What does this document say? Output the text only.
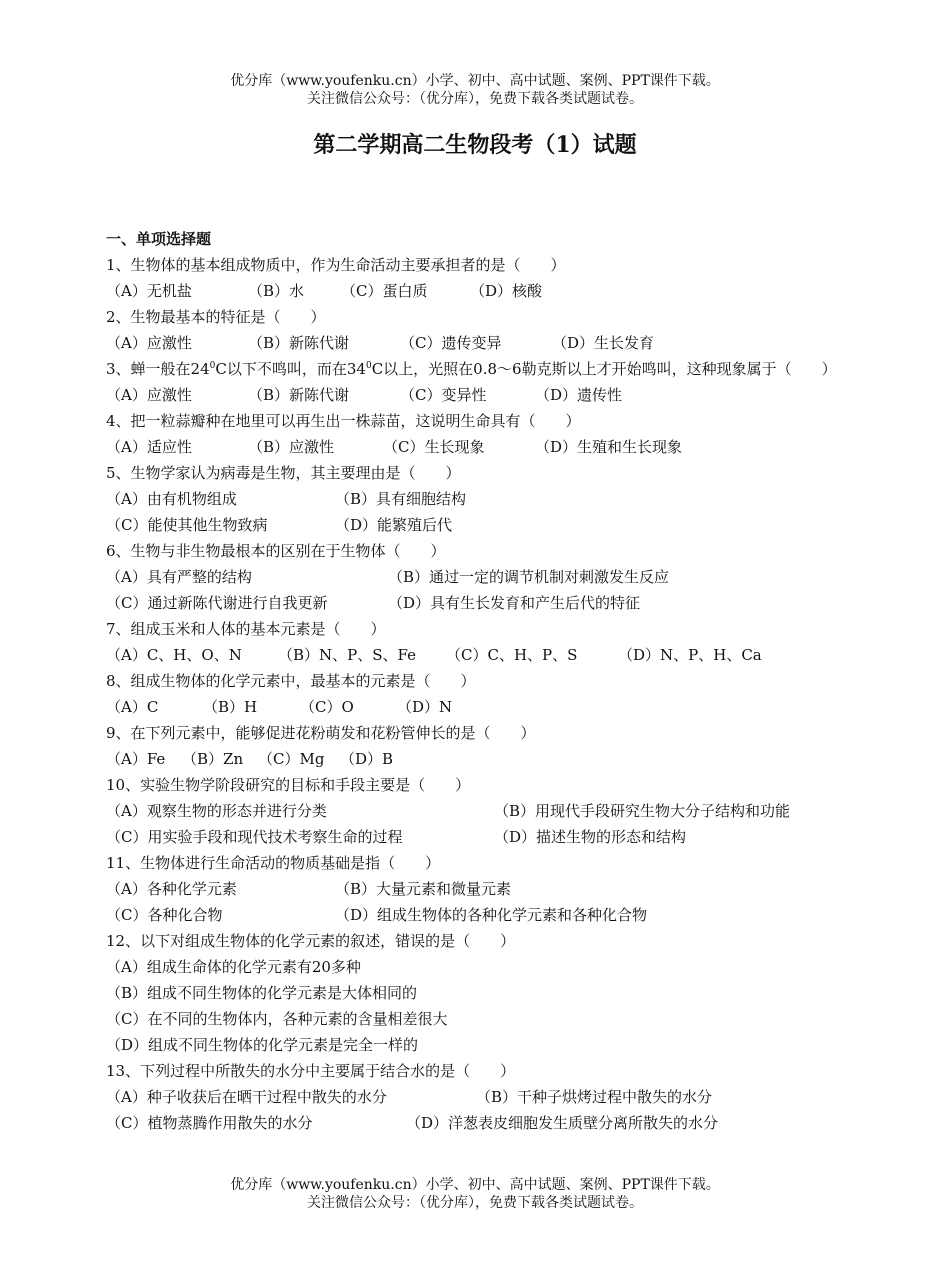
优分库（www.youfenku.cn）小学、初中、高中试题、案例、PPT课件下载。
关注微信公众号：（优分库），免费下载各类试题试卷。
第二学期高二生物段考（1）试题
一、单项选择题
1、生物体的基本组成物质中，作为生命活动主要承担者的是（　　）
（A）无机盐	（B）水 （C）蛋白质	（D）核酸
2、生物最基本的特征是（　　）
（A）应激性	（B）新陈代谢	（C）遗传变异	（D）生长发育
3、蝉一般在$24^0C$以下不鸣叫，而在$34^0C$以上，光照在0.8～6勒克斯以上才开始鸣叫，这种现象属于（　　）
（A）应激性	（B）新陈代谢	（C）变异性	（D）遗传性
4、把一粒蒜瓣种在地里可以再生出一株蒜苗，这说明生命具有（　　）
（A）适应性	（B）应激性	（C）生长现象	（D）生殖和生长现象
5、生物学家认为病毒是生物，其主要理由是（　　）
（A）由有机物组成	（B）具有细胞结构
（C）能使其他生物致病	（D）能繁殖后代
6、生物与非生物最根本的区别在于生物体（　　）
（A）具有严整的结构	（B）通过一定的调节机制对刺激发生反应
（C）通过新陈代谢进行自我更新	（D）具有生长发育和产生后代的特征
7、组成玉米和人体的基本元素是（　　）
（A）C、H、O、N （B）N、P、S、Fe （C）C、H、P、S	（D）N、P、H、Ca
8、组成生物体的化学元素中，最基本的元素是（　　）
（A）C	（B）H	（C）O	（D）N
9、在下列元素中，能够促进花粉萌发和花粉管伸长的是（　　）
（A）Fe （B）Zn （C）Mg （D）B
10、实验生物学阶段研究的目标和手段主要是（　　）
（A）观察生物的形态并进行分类	（B）用现代手段研究生物大分子结构和功能
（C）用实验手段和现代技术考察生命的过程	（D）描述生物的形态和结构
11、生物体进行生命活动的物质基础是指（　　）
（A）各种化学元素	（B）大量元素和微量元素
（C）各种化合物	（D）组成生物体的各种化学元素和各种化合物
12、以下对组成生物体的化学元素的叙述，错误的是（　　）
（A）组成生命体的化学元素有20多种
（B）组成不同生物体的化学元素是大体相同的
（C）在不同的生物体内，各种元素的含量相差很大
（D）组成不同生物体的化学元素是完全一样的
13、下列过程中所散失的水分中主要属于结合水的是（　　）
（A）种子收获后在晒干过程中散失的水分	（B）干种子烘烤过程中散失的水分
（C）植物蒸腾作用散失的水分	（D）洋葱表皮细胞发生质壁分离所散失的水分
优分库（www.youfenku.cn）小学、初中、高中试题、案例、PPT课件下载。
关注微信公众号：（优分库），免费下载各类试题试卷。
